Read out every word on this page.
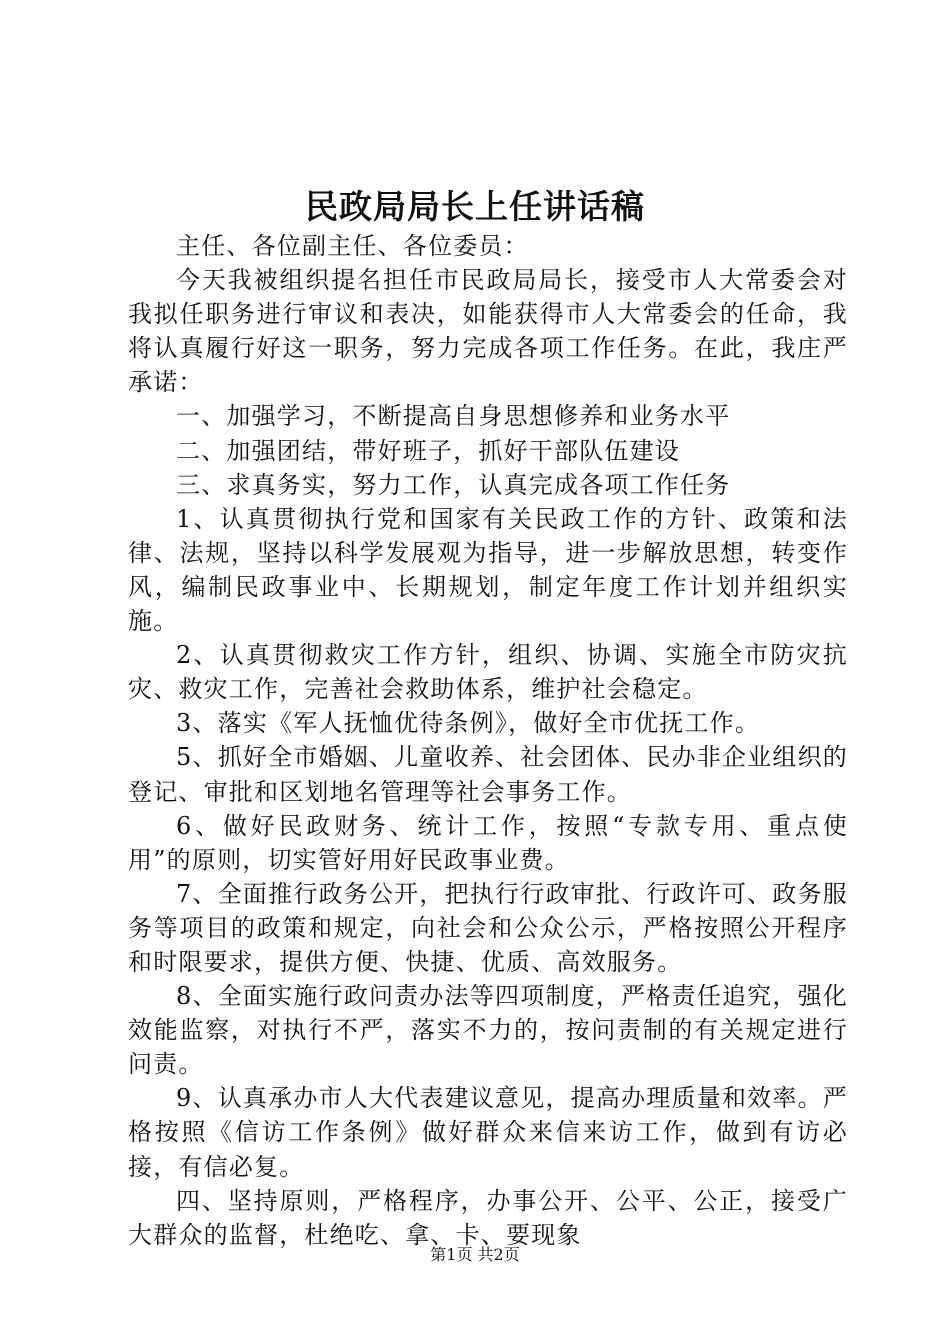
民政局局长上任讲话稿

主任、各位副主任、各位委员：

今天我被组织提名担任市民政局局长，接受市人大常委会对我拟任职务进行审议和表决，如能获得市人大常委会的任命，我将认真履行好这一职务，努力完成各项工作任务。在此，我庄严承诺：

一、加强学习，不断提高自身思想修养和业务水平

二、加强团结，带好班子，抓好干部队伍建设

三、求真务实，努力工作，认真完成各项工作任务

1、认真贯彻执行党和国家有关民政工作的方针、政策和法律、法规，坚持以科学发展观为指导，进一步解放思想，转变作风，编制民政事业中、长期规划，制定年度工作计划并组织实施。

2、认真贯彻救灾工作方针，组织、协调、实施全市防灾抗灾、救灾工作，完善社会救助体系，维护社会稳定。

3、落实《军人抚恤优待条例》，做好全市优抚工作。

5、抓好全市婚姻、儿童收养、社会团体、民办非企业组织的登记、审批和区划地名管理等社会事务工作。

6、做好民政财务、统计工作，按照“专款专用、重点使用”的原则，切实管好用好民政事业费。

7、全面推行政务公开，把执行行政审批、行政许可、政务服务等项目的政策和规定，向社会和公众公示，严格按照公开程序和时限要求，提供方便、快捷、优质、高效服务。

8、全面实施行政问责办法等四项制度，严格责任追究，强化效能监察，对执行不严，落实不力的，按问责制的有关规定进行问责。

9、认真承办市人大代表建议意见，提高办理质量和效率。严格按照《信访工作条例》做好群众来信来访工作，做到有访必接，有信必复。

四、坚持原则，严格程序，办事公开、公平、公正，接受广大群众的监督，杜绝吃、拿、卡、要现象

第1页 共2页
